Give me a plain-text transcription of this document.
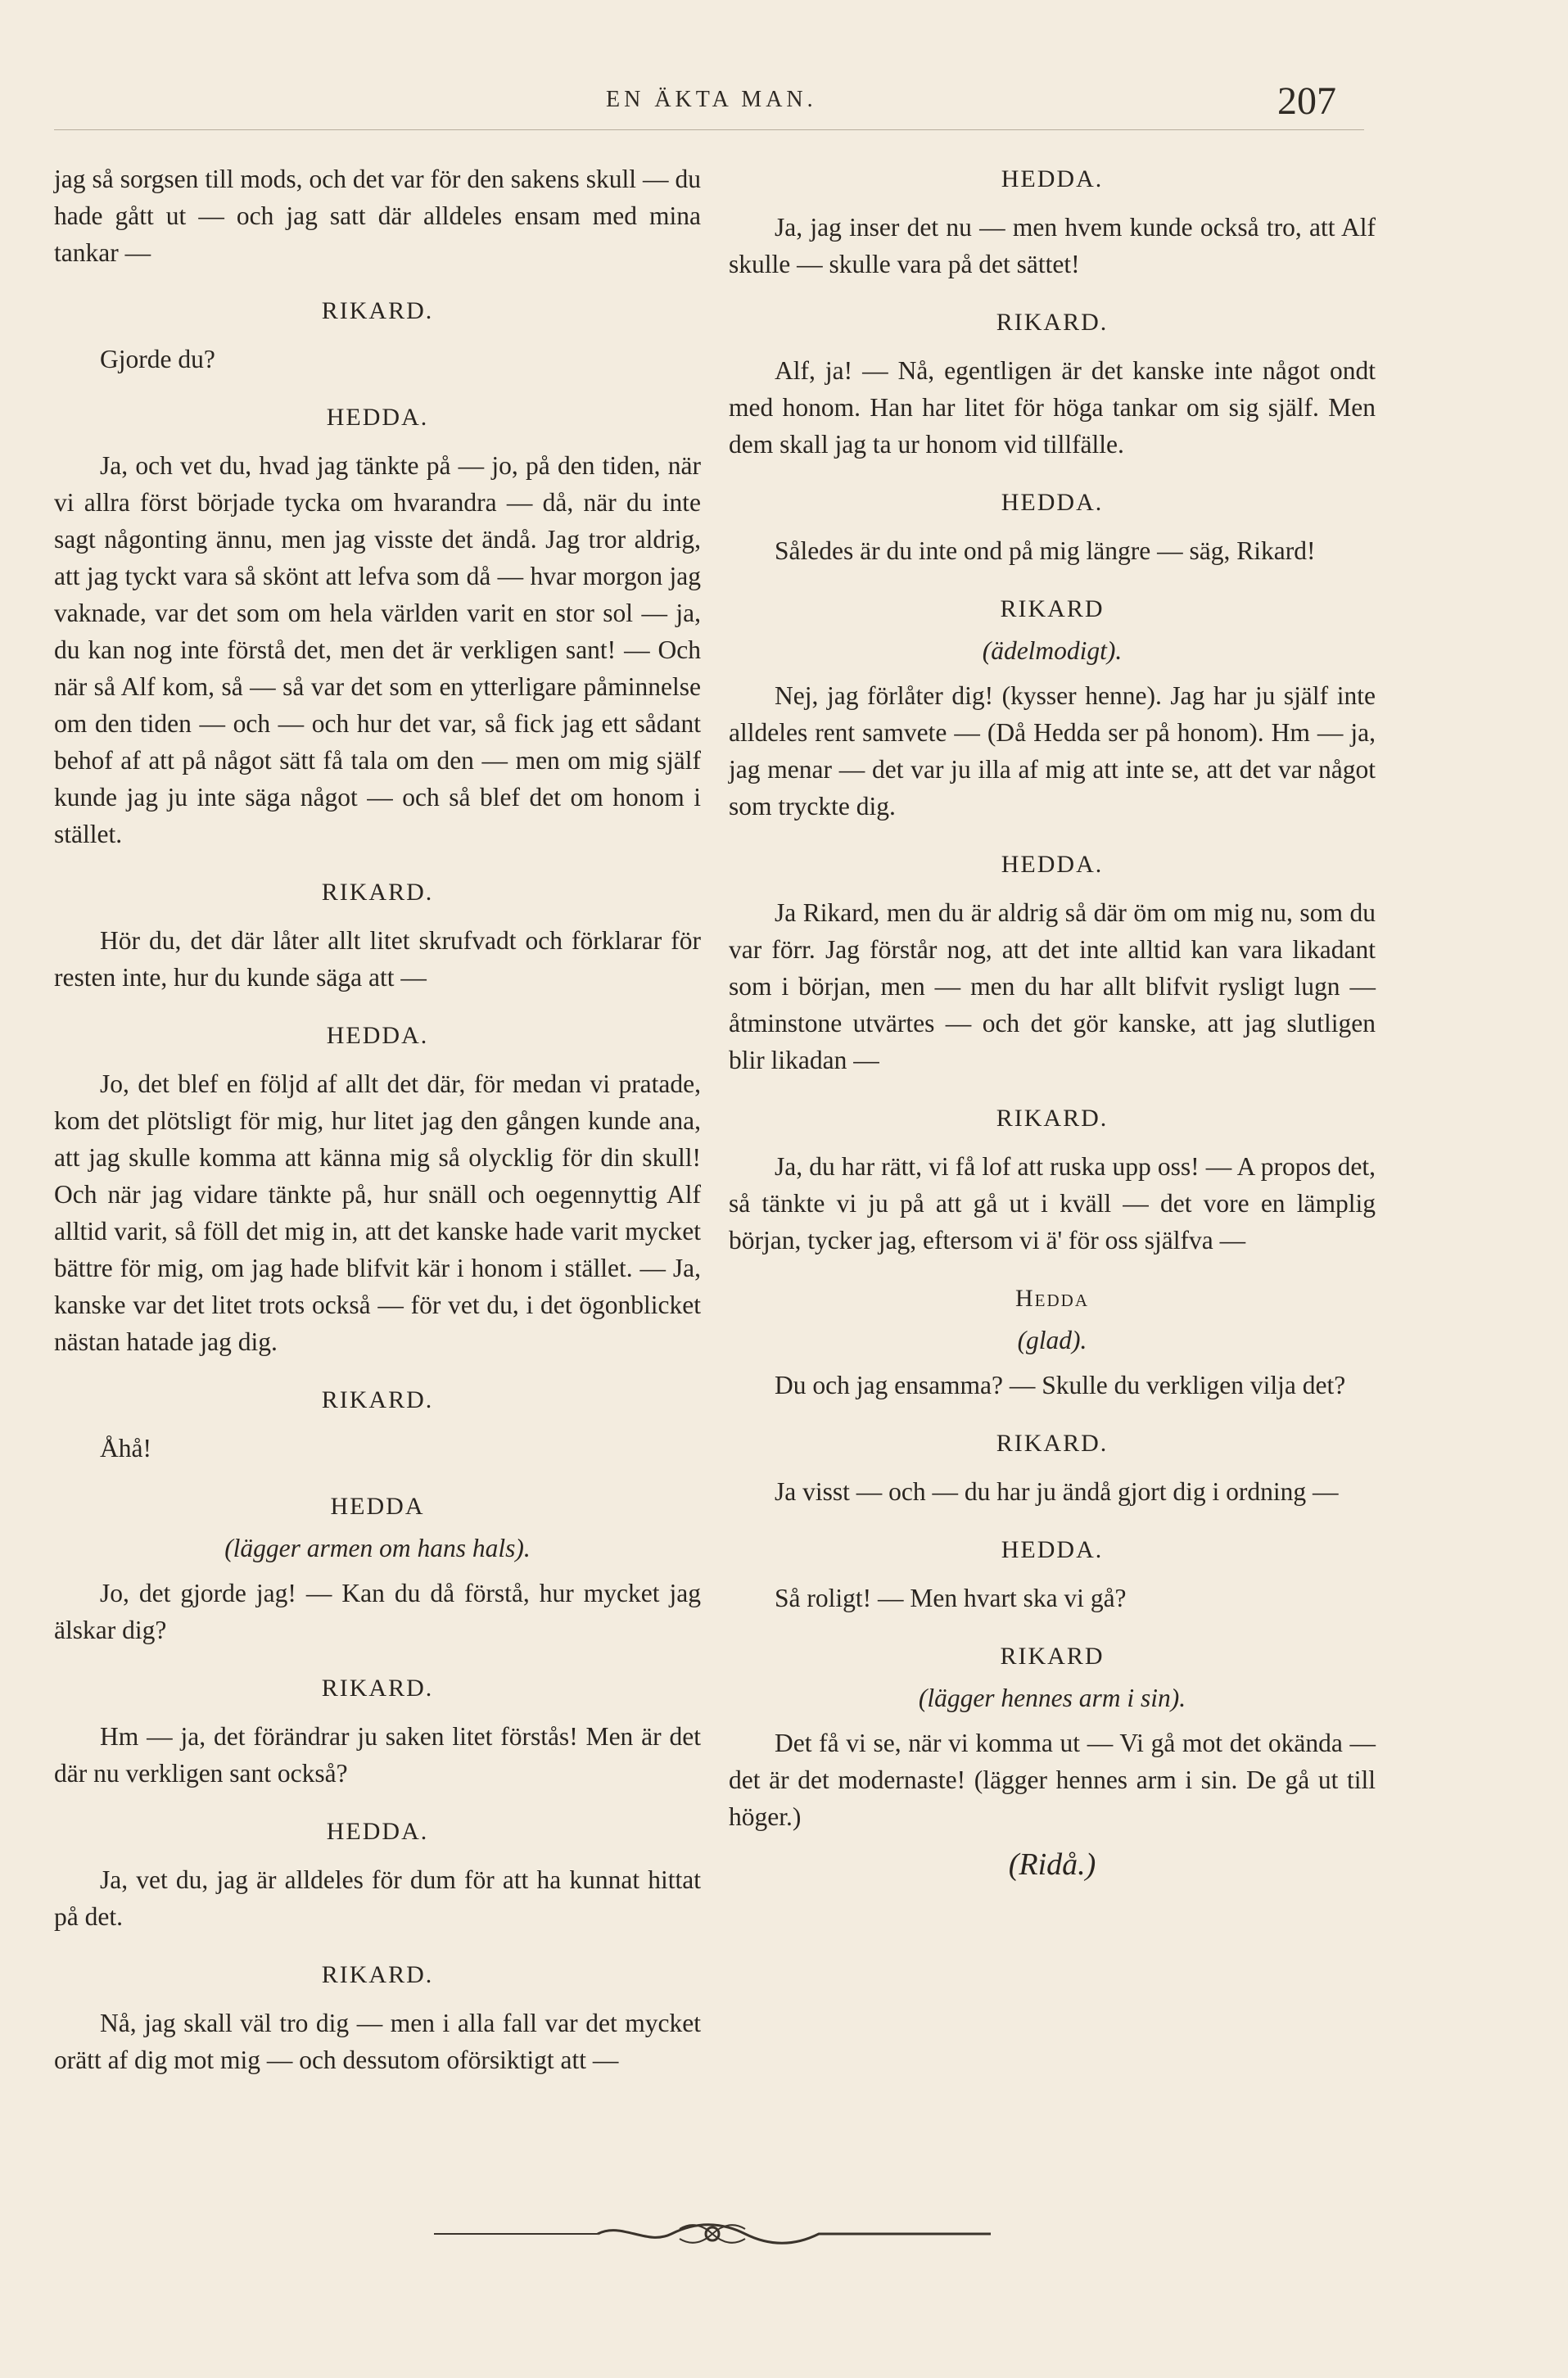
EN ÄKTA MAN.	207
jag så sorgsen till mods, och det var för den sakens skull — du hade gått ut — och jag satt där alldeles ensam med mina tankar —
RIKARD.
Gjorde du?
HEDDA.
Ja, och vet du, hvad jag tänkte på — jo, på den tiden, när vi allra först började tycka om hvarandra — då, när du inte sagt någonting ännu, men jag visste det ändå. Jag tror aldrig, att jag tyckt vara så skönt att lefva som då — hvar morgon jag vaknade, var det som om hela världen varit en stor sol — ja, du kan nog inte förstå det, men det är verkligen sant! — Och när så Alf kom, så — så var det som en ytterligare påminnelse om den tiden — och — och hur det var, så fick jag ett sådant behof af att på något sätt få tala om den — men om mig själf kunde jag ju inte säga något — och så blef det om honom i stället.
RIKARD.
Hör du, det där låter allt litet skrufvadt och förklarar för resten inte, hur du kunde säga att —
HEDDA.
Jo, det blef en följd af allt det där, för medan vi pratade, kom det plötsligt för mig, hur litet jag den gången kunde ana, att jag skulle komma att känna mig så olycklig för din skull! Och när jag vidare tänkte på, hur snäll och oegennyttig Alf alltid varit, så föll det mig in, att det kanske hade varit mycket bättre för mig, om jag hade blifvit kär i honom i stället. — Ja, kanske var det litet trots också — för vet du, i det ögonblicket nästan hatade jag dig.
RIKARD.
Åhå!
HEDDA
(lägger armen om hans hals).
Jo, det gjorde jag! — Kan du då förstå, hur mycket jag älskar dig?
RIKARD.
Hm — ja, det förändrar ju saken litet förstås! Men är det där nu verkligen sant också?
HEDDA.
Ja, vet du, jag är alldeles för dum för att ha kunnat hittat på det.
RIKARD.
Nå, jag skall väl tro dig — men i alla fall var det mycket orätt af dig mot mig — och dessutom oförsiktigt att —
HEDDA.
Ja, jag inser det nu — men hvem kunde också tro, att Alf skulle — skulle vara på det sättet!
RIKARD.
Alf, ja! — Nå, egentligen är det kanske inte något ondt med honom. Han har litet för höga tankar om sig själf. Men dem skall jag ta ur honom vid tillfälle.
HEDDA.
Således är du inte ond på mig längre — säg, Rikard!
RIKARD
(ädelmodigt).
Nej, jag förlåter dig! (kysser henne). Jag har ju själf inte alldeles rent samvete — (Då Hedda ser på honom). Hm — ja, jag menar — det var ju illa af mig att inte se, att det var något som tryckte dig.
HEDDA.
Ja Rikard, men du är aldrig så där öm om mig nu, som du var förr. Jag förstår nog, att det inte alltid kan vara likadant som i början, men — men du har allt blifvit rysligt lugn — åtminstone utvärtes — och det gör kanske, att jag slutligen blir likadan —
RIKARD.
Ja, du har rätt, vi få lof att ruska upp oss! — A propos det, så tänkte vi ju på att gå ut i kväll — det vore en lämplig början, tycker jag, eftersom vi ä' för oss själfva —
Hedda
(glad).
Du och jag ensamma? — Skulle du verkligen vilja det?
RIKARD.
Ja visst — och — du har ju ändå gjort dig i ordning —
HEDDA.
Så roligt! — Men hvart ska vi gå?
RIKARD
(lägger hennes arm i sin).
Det få vi se, när vi komma ut — Vi gå mot det okända — det är det modernaste! (lägger hennes arm i sin. De gå ut till höger.)
(Ridå.)
